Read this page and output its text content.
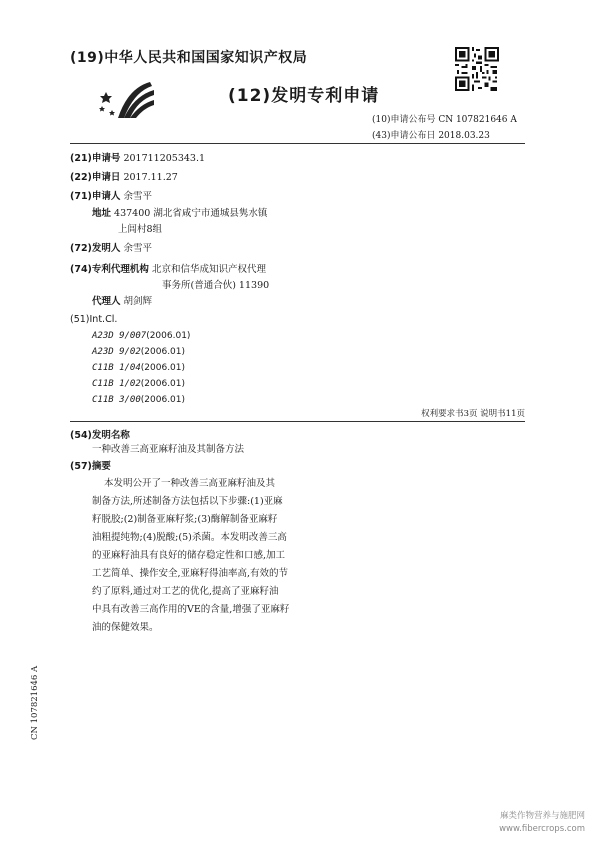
(19)中华人民共和国国家知识产权局
(12)发明专利申请
(10)申请公布号 CN 107821646 A
(43)申请公布日 2018.03.23
(21)申请号 201711205343.1
(22)申请日 2017.11.27
(71)申请人 余雪平
地址 437400 湖北省咸宁市通城县隽水镇
上闾村8组
(72)发明人 余雪平
(74)专利代理机构 北京和信华成知识产权代理
事务所(普通合伙) 11390
代理人 胡剑辉
(51)Int.Cl.
A23D 9/007(2006.01)
A23D 9/02(2006.01)
C11B 1/04(2006.01)
C11B 1/02(2006.01)
C11B 3/00(2006.01)
权利要求书3页 说明书11页
(54)发明名称
一种改善三高亚麻籽油及其制备方法
(57)摘要
本发明公开了一种改善三高亚麻籽油及其
制备方法,所述制备方法包括以下步骤:(1)亚麻
籽脱胶;(2)制备亚麻籽浆;(3)酶解制备亚麻籽
油粗提纯物;(4)脱酸;(5)杀菌。本发明改善三高
的亚麻籽油具有良好的储存稳定性和口感,加工
工艺简单、操作安全,亚麻籽得油率高,有效的节
约了原料,通过对工艺的优化,提高了亚麻籽油
中具有改善三高作用的VE的含量,增强了亚麻籽
油的保健效果。
CN 107821646 A
麻类作物营养与施肥网
www.fibercrops.com
